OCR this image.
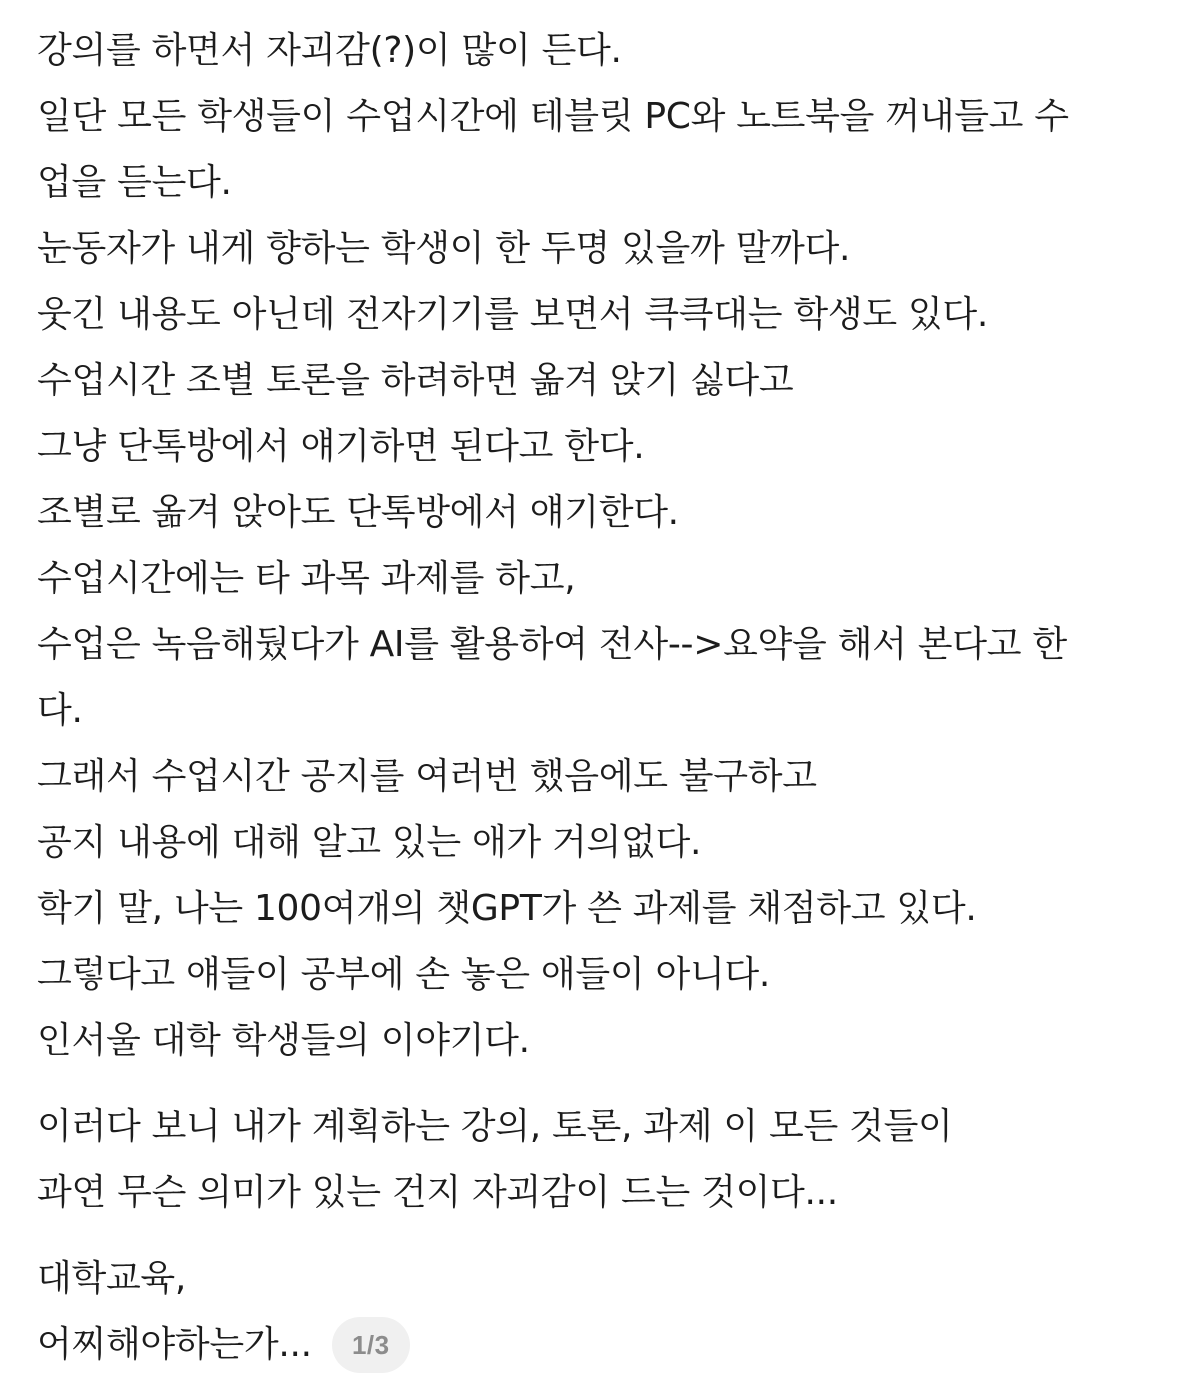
강의를 하면서 자괴감(?)이 많이 든다.
일단 모든 학생들이 수업시간에 테블릿 PC와 노트북을 꺼내들고 수
업을 듣는다.
눈동자가 내게 향하는 학생이 한 두명 있을까 말까다.
웃긴 내용도 아닌데 전자기기를 보면서 큭큭대는 학생도 있다.
수업시간 조별 토론을 하려하면 옮겨 앉기 싫다고
그냥 단톡방에서 얘기하면 된다고 한다.
조별로 옮겨 앉아도 단톡방에서 얘기한다.
수업시간에는 타 과목 과제를 하고,
수업은 녹음해뒀다가 AI를 활용하여 전사-->요약을 해서 본다고 한
다.
그래서 수업시간 공지를 여러번 했음에도 불구하고
공지 내용에 대해 알고 있는 애가 거의없다.
학기 말, 나는 100여개의 챗GPT가 쓴 과제를 채점하고 있다.
그렇다고 얘들이 공부에 손 놓은 애들이 아니다.
인서울 대학 학생들의 이야기다.
이러다 보니 내가 계획하는 강의, 토론, 과제 이 모든 것들이
과연 무슨 의미가 있는 건지 자괴감이 드는 것이다...
대학교육,
어찌해야하는가...	1/3
